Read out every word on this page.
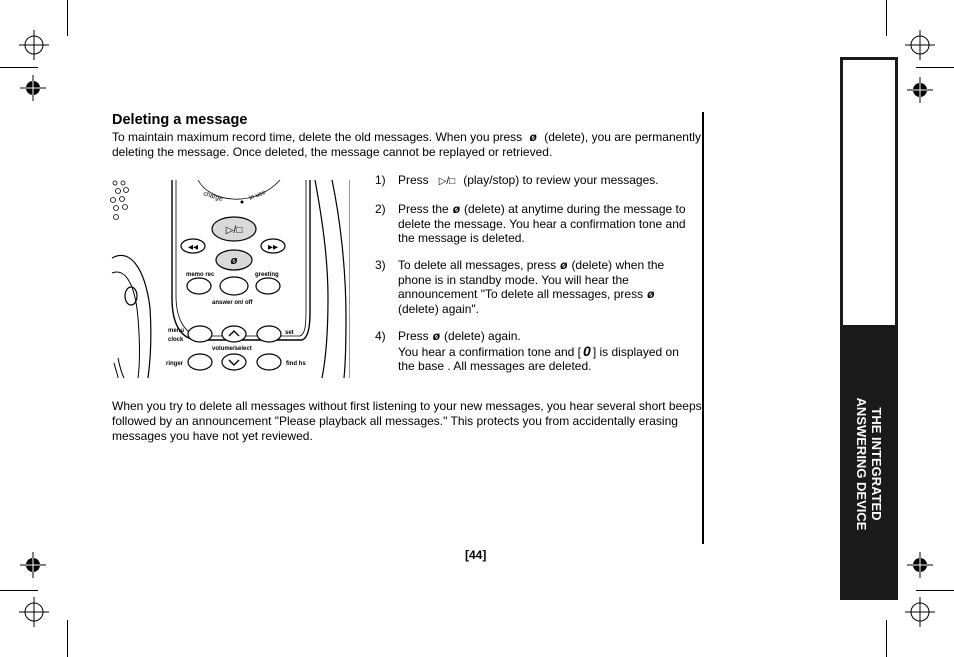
Deleting a message
To maintain maximum record time, delete the old messages. When you press ø (delete), you are permanently deleting the message. Once deleted, the message cannot be replayed or retrieved.
charge	in use
▷/□
◀◀	▶▶
ø
memo rec	greeting
answer on/ off
menu
clock
set
volume/select
ringer	find hs
1) Press ▷/□ (play/stop) to review your messages.
2) Press the ø (delete) at anytime during the message to delete the message. You hear a confirmation tone and the message is deleted.
3) To delete all messages, press ø (delete) when the phone is in standby mode. You will hear the announcement "To delete all messages, press ø(delete) again".
4) Press ø (delete) again.
You hear a confirmation tone and [ 0 ] is displayed on the base . All messages are deleted.
When you try to delete all messages without first listening to your new messages, you hear several short beeps followed by an announcement "Please playback all messages." This protects you from accidentally erasing messages you have not yet reviewed.
[44]
THE INTEGRATED
ANSWERING DEVICE
